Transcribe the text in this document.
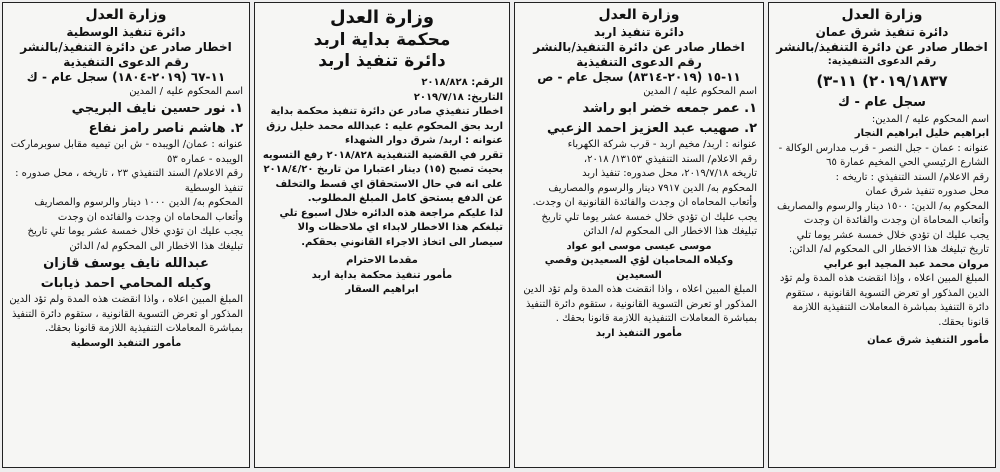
وزارة العدل
دائرة تنفيذ شرق عمان
اخطار صادر عن دائرة التنفيذ/بالنشر
رقم الدعوى التنفيذية:
٢٠١٩/١٨٣٧) ١١-٣)
سجل عام - ك
اسم المحكوم عليه / المدين:
ابراهيم خليل ابراهيم النجار
عنوانه : عمان - جبل النصر - قرب مدارس الوكالة - الشارع الرئيسي الحي المخيم عمارة ٦٥
رقم الاعلام/ السند التنفيذي : تاريخه :
محل صدوره تنفيذ شرق عمان
المحكوم به/ الدين: ١٥٠٠ دينار والرسوم والمصاريف وأتعاب المحاماة ان وجدت والفائدة ان وجدت
يجب عليك ان تؤدي خلال خمسة عشر يوما تلي تاريخ تبليغك هذا الاخطار الى المحكوم له/ الدائن:
مروان محمد عبد المجيد ابو عرابي
المبلغ المبين اعلاه ، وإذا انقضت هذه المدة ولم تؤد الدين المذكور او تعرض التسوية القانونية ، ستقوم دائرة التنفيذ بمباشرة المعاملات التنفيذية اللازمة قانونا بحقك.
مأمور التنفيذ شرق عمان
وزارة العدل
دائرة تنفيذ اربد
اخطار صادر عن دائرة التنفيذ/بالنشر
رقم الدعوى التنفيذية
١١-١٥ (٢٠١٩-٨٣١٤) سجل عام - ص
اسم المحكوم عليه / المدين
١. عمر جمعه خضر ابو راشد
٢. صهيب عبد العزيز احمد الزعبي
عنوانه : اربد/ مخيم اربد - قرب شركة الكهرباء
رقم الاعلام/ السند التنفيذي ١٣١٥٣/ ٢٠١٨،
تاريخه ٢٠١٩/٧/١٨، محل صدوره: تنفيذ اربد
المحكوم به/ الدين ٧٩١٧ دينار والرسوم والمصاريف وأتعاب المحاماه ان وجدت والفائدة القانونية ان وجدت.
يجب عليك ان تؤدي خلال خمسة عشر يوما تلي تاريخ تبليغك هذا الاخطار الى المحكوم له/ الدائن
موسى عيسى موسى ابو عواد
وكيلاه المحاميان لؤي السعيدين وقصي السعيدين
المبلغ المبين اعلاه ، واذا انقضت هذه المدة ولم تؤد الدين المذكور او تعرض التسوية القانونية ، ستقوم دائرة التنفيذ بمباشرة المعاملات التنفيذية اللازمة قانونا بحقك .
مأمور التنفيذ اربد
وزارة العدل
محكمة بداية اربد
دائرة تنفيذ اربد
الرقم: ٢٠١٨/٨٢٨
التاريخ: ٢٠١٩/٧/١٨
اخطار تنفيذي صادر عن دائرة تنفيذ محكمة بداية اربد بحق المحكوم عليه : عبدالله محمد خليل رزق
عنوانه : اربد/ شرق دوار الشهداء
تقرر في القضية التنفيذية ٢٠١٨/٨٢٨ رفع التسويه بحيث تصبح (١٥) دينار اعتبارا من تاريخ ٢٠١٨/٤/٢٠ على انه في حال الاستحقاق اي قسط والتخلف عن الدفع يستحق كامل المبلغ المطلوب.
لذا عليكم مراجعة هذه الدائره خلال اسبوع تلي تبلغكم هذا الاخطار لابداء اي ملاحظات والا سيصار الى اتخاذ الاجراء القانوني بحقكم.
مقدما الاحترام
مأمور تنفيذ محكمة بداية اربد
ابراهيم السقار
وزارة العدل
دائرة تنفيذ الوسطية
اخطار صادر عن دائرة التنفيذ/بالنشر
رقم الدعوى التنفيذية
١١-٦٧ (٢٠١٩-١٨٠٤) سجل عام - ك
اسم المحكوم عليه / المدين
١. نور حسين نايف البريجي
٢. هاشم ناصر رامز نفاع
عنوانه : عمان/ الويبده - ش ابن تيميه مقابل سوبرماركت الويبده - عماره ٥٣
رقم الاعلام/ السند التنفيذي ٢٣ ، تاريخه ، محل صدوره : تنفيذ الوسطية
المحكوم به/ الدين ١٠٠٠ دينار والرسوم والمصاريف وأتعاب المحاماه ان وجدت والفائده ان وجدت
يجب عليك ان تؤدي خلال خمسة عشر يوما تلي تاريخ تبليغك هذا الاخطار الى المحكوم له/ الدائن
عبدالله نايف يوسف قازان
وكيله المحامي احمد ذيابات
المبلغ المبين اعلاه ، واذا انقضت هذه المدة ولم تؤد الدين المذكور او تعرض التسوية القانونية ، ستقوم دائرة التنفيذ بمباشرة المعاملات التنفيذية اللازمة قانونا بحقك.
مأمور التنفيذ الوسطية
